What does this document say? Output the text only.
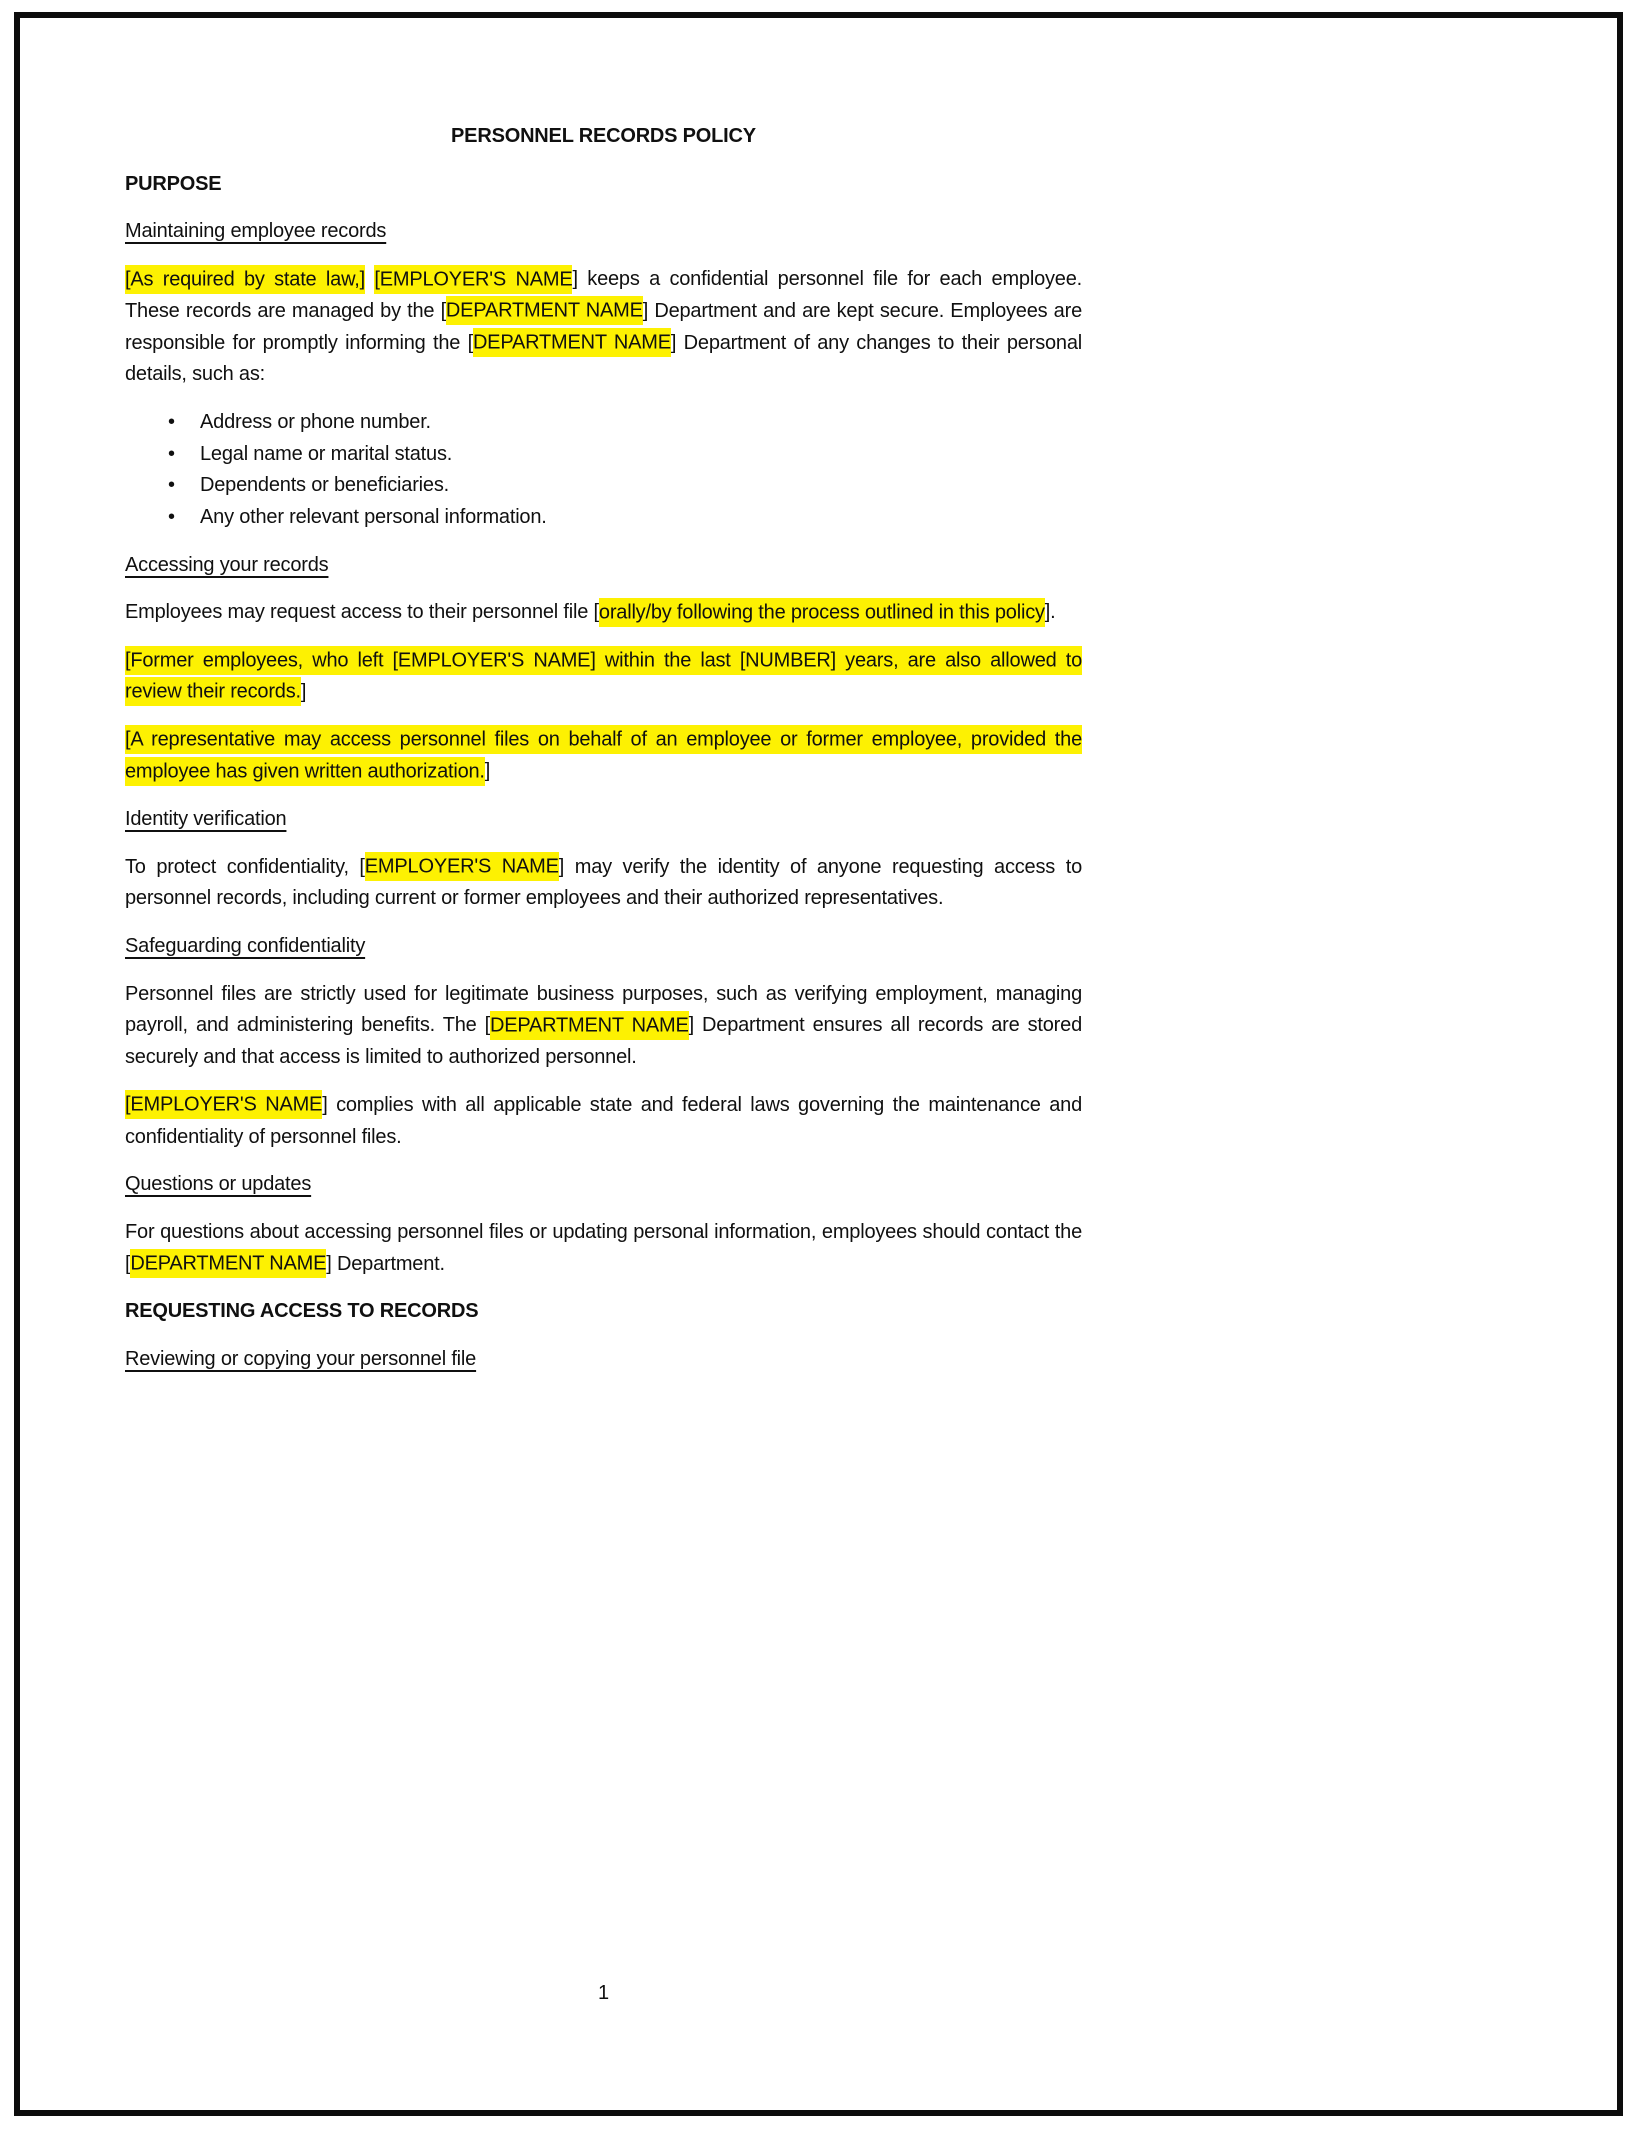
PERSONNEL RECORDS POLICY

PURPOSE

Maintaining employee records

[As required by state law,] [EMPLOYER'S NAME] keeps a confidential personnel file for each employee. These records are managed by the [DEPARTMENT NAME] Department and are kept secure. Employees are responsible for promptly informing the [DEPARTMENT NAME] Department of any changes to their personal details, such as:

• Address or phone number.
• Legal name or marital status.
• Dependents or beneficiaries.
• Any other relevant personal information.

Accessing your records

Employees may request access to their personnel file [orally/by following the process outlined in this policy].

[Former employees, who left [EMPLOYER'S NAME] within the last [NUMBER] years, are also allowed to review their records.]

[A representative may access personnel files on behalf of an employee or former employee, provided the employee has given written authorization.]

Identity verification

To protect confidentiality, [EMPLOYER'S NAME] may verify the identity of anyone requesting access to personnel records, including current or former employees and their authorized representatives.

Safeguarding confidentiality

Personnel files are strictly used for legitimate business purposes, such as verifying employment, managing payroll, and administering benefits. The [DEPARTMENT NAME] Department ensures all records are stored securely and that access is limited to authorized personnel.

[EMPLOYER'S NAME] complies with all applicable state and federal laws governing the maintenance and confidentiality of personnel files.

Questions or updates

For questions about accessing personnel files or updating personal information, employees should contact the [DEPARTMENT NAME] Department.

REQUESTING ACCESS TO RECORDS

Reviewing or copying your personnel file

1
